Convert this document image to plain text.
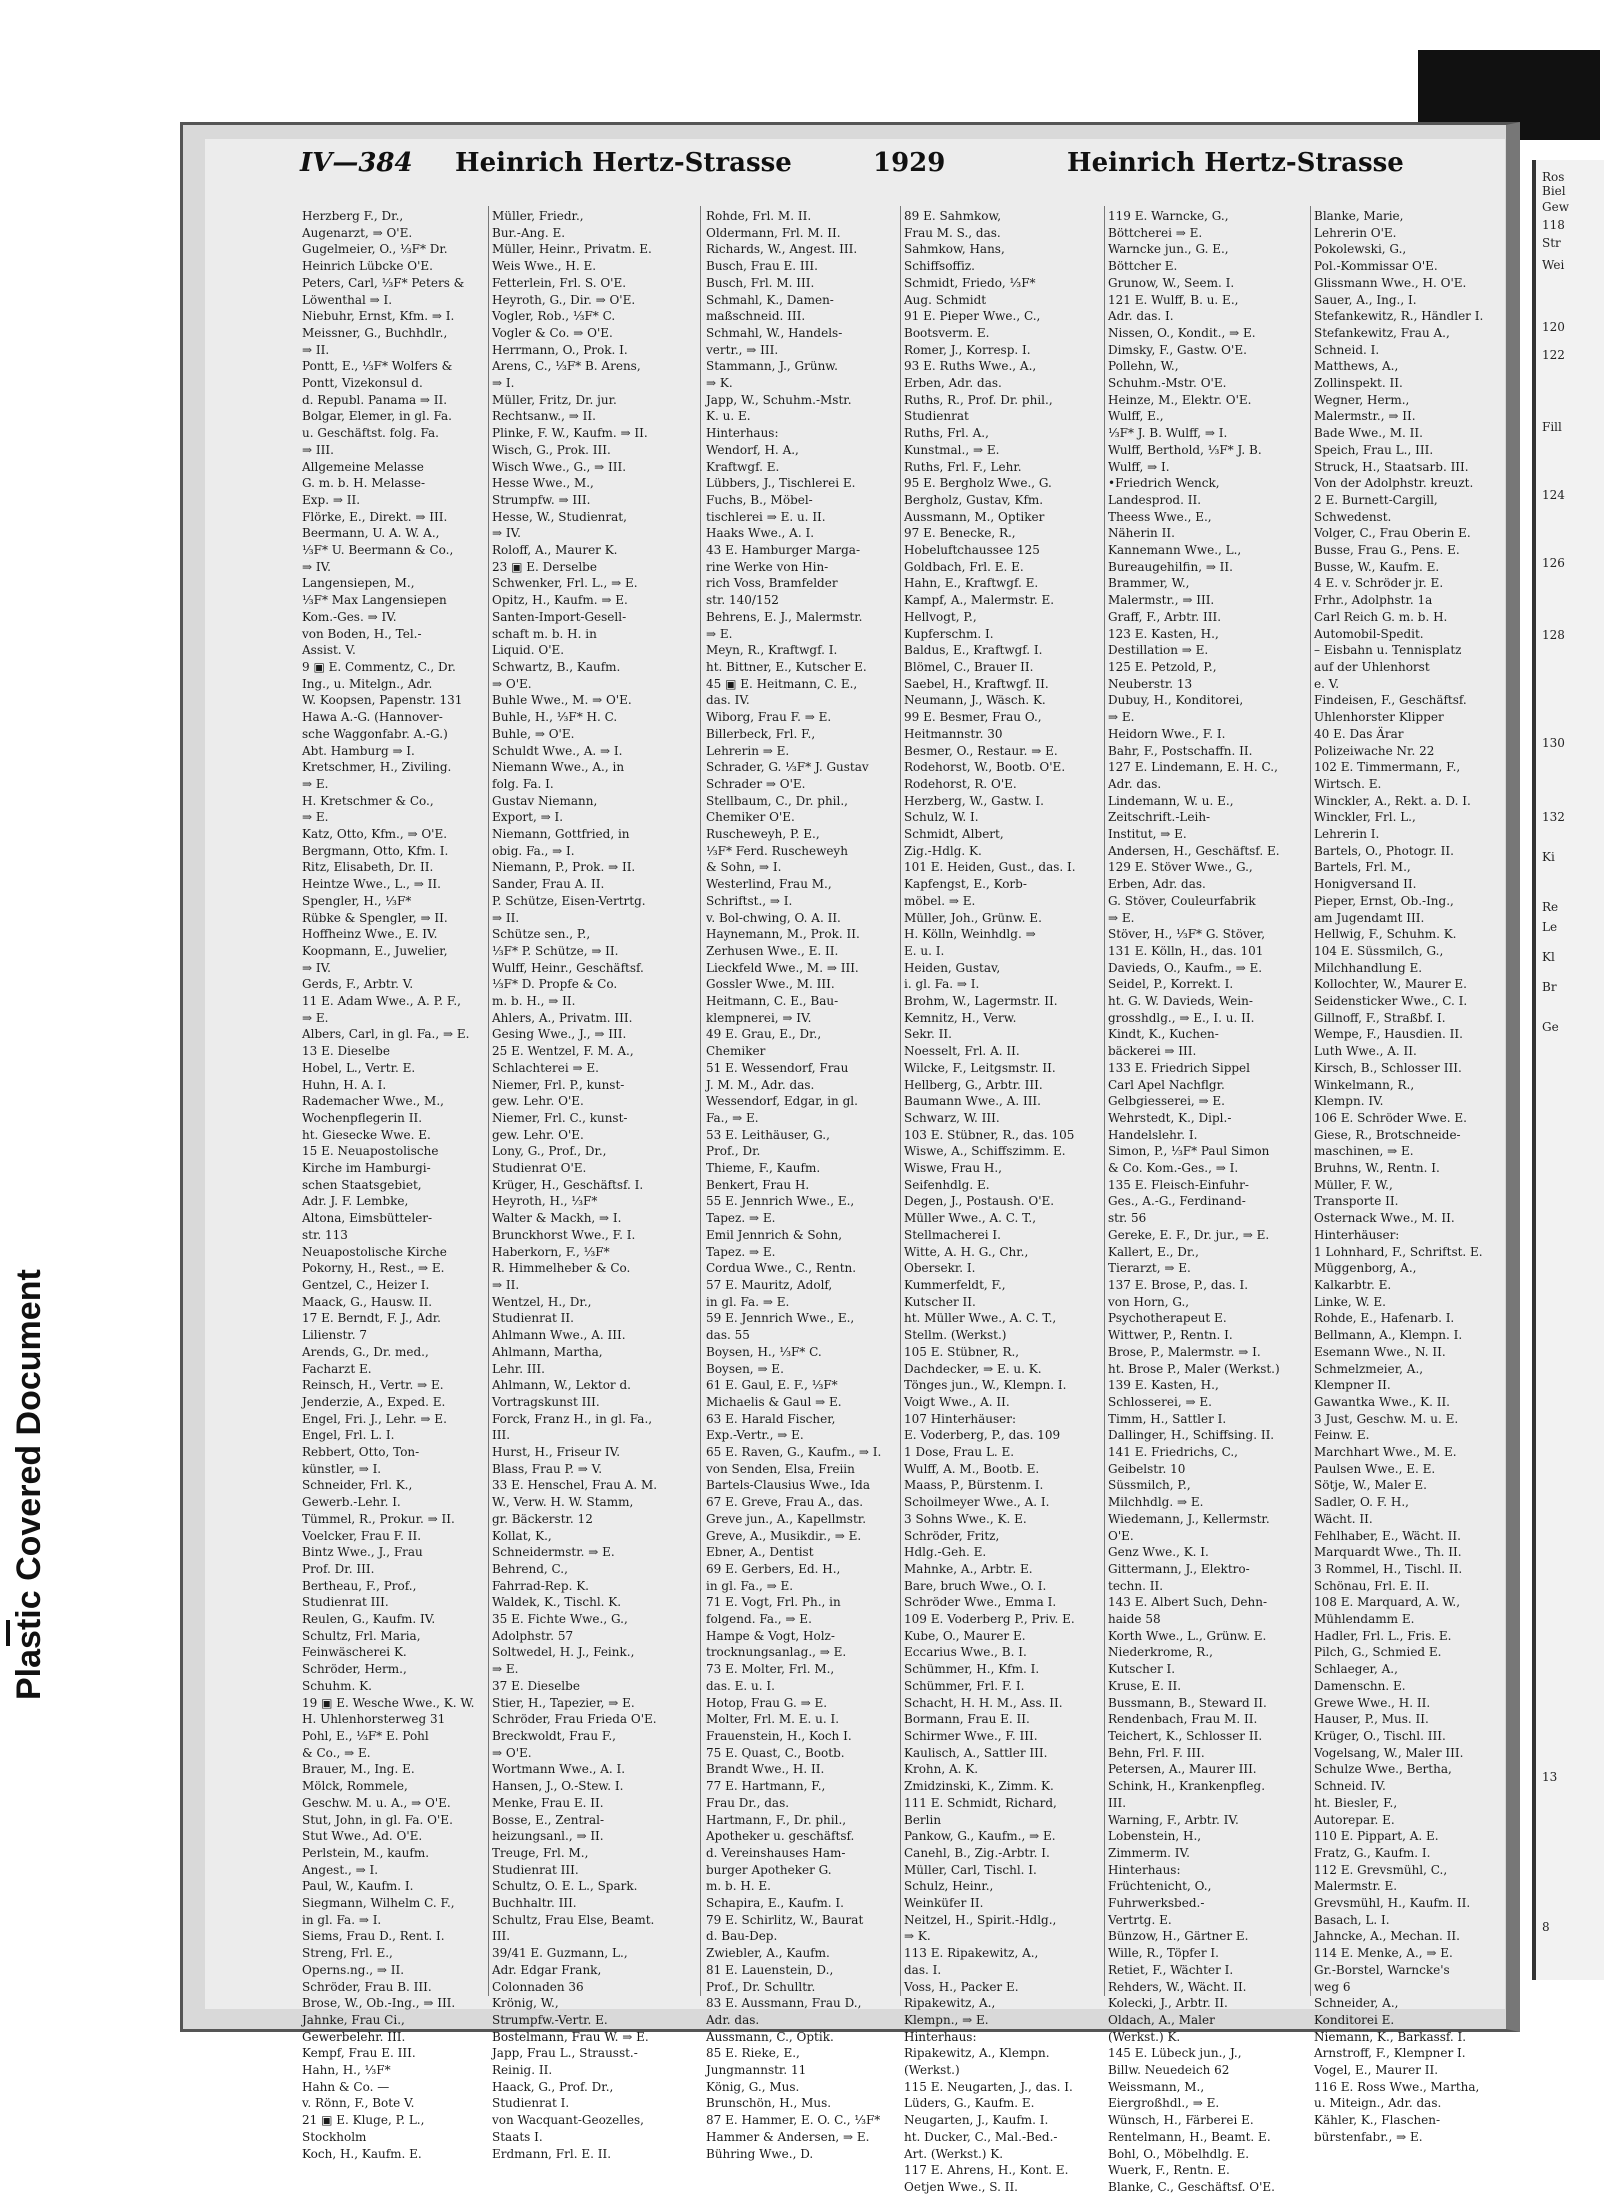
Plastic Covered Document
IV—384 Heinrich Hertz-Strasse	1929	Heinrich Hertz-Strasse
Herzberg F., Dr.,
Augenarzt, ⇒ O'E.
Gugelmeier, O., ⅓F* Dr.
Heinrich Lübcke O'E.
Peters, Carl, ⅓F* Peters &
Löwenthal ⇒ I.
Niebuhr, Ernst, Kfm. ⇒ I.
Meissner, G., Buchhdlr.,
⇒ II.
Pontt, E., ⅓F* Wolfers &
Pontt, Vizekonsul d.
d. Republ. Panama ⇒ II.
Bolgar, Elemer, in gl. Fa.
u. Geschäftst. folg. Fa.
⇒ III.
Allgemeine Melasse
G. m. b. H. Melasse-
Exp. ⇒ II.
Flörke, E., Direkt. ⇒ III.
Beermann, U. A. W. A.,
⅓F* U. Beermann & Co.,
⇒ IV.
Langensiepen, M.,
⅓F* Max Langensiepen
Kom.-Ges. ⇒ IV.
von Boden, H., Tel.-
Assist. V.
9 ▣ E. Commentz, C., Dr.
Ing., u. Mitelgn., Adr.
W. Koopsen, Papenstr. 131
Hawa A.-G. (Hannover-
sche Waggonfabr. A.-G.)
Abt. Hamburg ⇒ I.
Kretschmer, H., Ziviling.
⇒ E.
H. Kretschmer & Co.,
⇒ E.
Katz, Otto, Kfm., ⇒ O'E.
Bergmann, Otto, Kfm. I.
Ritz, Elisabeth, Dr. II.
Heintze Wwe., L., ⇒ II.
Spengler, H., ⅓F*
Rübke & Spengler, ⇒ II.
Hoffheinz Wwe., E. IV.
Koopmann, E., Juwelier,
⇒ IV.
Gerds, F., Arbtr. V.
11 E. Adam Wwe., A. P. F.,
⇒ E.
Albers, Carl, in gl. Fa., ⇒ E.
13 E. Dieselbe
Hobel, L., Vertr. E.
Huhn, H. A. I.
Rademacher Wwe., M.,
Wochenpflegerin II.
ht. Giesecke Wwe. E.
15 E. Neuapostolische
Kirche im Hamburgi-
schen Staatsgebiet,
Adr. J. F. Lembke,
Altona, Eimsbütteler-
str. 113
Neuapostolische Kirche
Pokorny, H., Rest., ⇒ E.
Gentzel, C., Heizer I.
Maack, G., Hausw. II.
17 E. Berndt, F. J., Adr.
Lilienstr. 7
Arends, G., Dr. med.,
Facharzt E.
Reinsch, H., Vertr. ⇒ E.
Jenderzie, A., Exped. E.
Engel, Fri. J., Lehr. ⇒ E.
Engel, Frl. L. I.
Rebbert, Otto, Ton-
künstler, ⇒ I.
Schneider, Frl. K.,
Gewerb.-Lehr. I.
Tümmel, R., Prokur. ⇒ II.
Voelcker, Frau F. II.
Bintz Wwe., J., Frau
Prof. Dr. III.
Bertheau, F., Prof.,
Studienrat III.
Reulen, G., Kaufm. IV.
Schultz, Frl. Maria,
Feinwäscherei K.
Schröder, Herm.,
Schuhm. K.
19 ▣ E. Wesche Wwe., K. W.
H. Uhlenhorsterweg 31
Pohl, E., ⅓F* E. Pohl
& Co., ⇒ E.
Brauer, M., Ing. E.
Mölck, Rommele,
Geschw. M. u. A., ⇒ O'E.
Stut, John, in gl. Fa. O'E.
Stut Wwe., Ad. O'E.
Perlstein, M., kaufm.
Angest., ⇒ I.
Paul, W., Kaufm. I.
Siegmann, Wilhelm C. F.,
in gl. Fa. ⇒ I.
Siems, Frau D., Rent. I.
Streng, Frl. E.,
Operns.ng., ⇒ II.
Schröder, Frau B. III.
Brose, W., Ob.-Ing., ⇒ III.
Jahnke, Frau Ci.,
Gewerbelehr. III.
Kempf, Frau E. III.
Hahn, H., ⅓F*
Hahn & Co. —
v. Rönn, F., Bote V.
21 ▣ E. Kluge, P. L.,
Stockholm
Koch, H., Kaufm. E.
Müller, Friedr.,
Bur.-Ang. E.
Müller, Heinr., Privatm. E.
Weis Wwe., H. E.
Fetterlein, Frl. S. O'E.
Heyroth, G., Dir. ⇒ O'E.
Vogler, Rob., ⅓F* C.
Vogler & Co. ⇒ O'E.
Herrmann, O., Prok. I.
Arens, C., ⅓F* B. Arens,
⇒ I.
Müller, Fritz, Dr. jur.
Rechtsanw., ⇒ II.
Plinke, F. W., Kaufm. ⇒ II.
Wisch, G., Prok. III.
Wisch Wwe., G., ⇒ III.
Hesse Wwe., M.,
Strumpfw. ⇒ III.
Hesse, W., Studienrat,
⇒ IV.
Roloff, A., Maurer K.
23 ▣ E. Derselbe
Schwenker, Frl. L., ⇒ E.
Opitz, H., Kaufm. ⇒ E.
Santen-Import-Gesell-
schaft m. b. H. in
Liquid. O'E.
Schwartz, B., Kaufm.
⇒ O'E.
Buhle Wwe., M. ⇒ O'E.
Buhle, H., ⅓F* H. C.
Buhle, ⇒ O'E.
Schuldt Wwe., A. ⇒ I.
Niemann Wwe., A., in
folg. Fa. I.
Gustav Niemann,
Export, ⇒ I.
Niemann, Gottfried, in
obig. Fa., ⇒ I.
Niemann, P., Prok. ⇒ II.
Sander, Frau A. II.
P. Schütze, Eisen-Vertrtg.
⇒ II.
Schütze sen., P.,
⅓F* P. Schütze, ⇒ II.
Wulff, Heinr., Geschäftsf.
⅓F* D. Propfe & Co.
m. b. H., ⇒ II.
Ahlers, A., Privatm. III.
Gesing Wwe., J., ⇒ III.
25 E. Wentzel, F. M. A.,
Schlachterei ⇒ E.
Niemer, Frl. P., kunst-
gew. Lehr. O'E.
Niemer, Frl. C., kunst-
gew. Lehr. O'E.
Lony, G., Prof., Dr.,
Studienrat O'E.
Krüger, H., Geschäftsf. I.
Heyroth, H., ⅓F*
Walter & Mackh, ⇒ I.
Brunckhorst Wwe., F. I.
Haberkorn, F., ⅓F*
R. Himmelheber & Co.
⇒ II.
Wentzel, H., Dr.,
Studienrat II.
Ahlmann Wwe., A. III.
Ahlmann, Martha,
Lehr. III.
Ahlmann, W., Lektor d.
Vortragskunst III.
Forck, Franz H., in gl. Fa.,
III.
Hurst, H., Friseur IV.
Blass, Frau P. ⇒ V.
33 E. Henschel, Frau A. M.
W., Verw. H. W. Stamm,
gr. Bäckerstr. 12
Kollat, K.,
Schneidermstr. ⇒ E.
Behrend, C.,
Fahrrad-Rep. K.
Waldek, K., Tischl. K.
35 E. Fichte Wwe., G.,
Adolphstr. 57
Soltwedel, H. J., Feink.,
⇒ E.
37 E. Dieselbe
Stier, H., Tapezier, ⇒ E.
Schröder, Frau Frieda O'E.
Breckwoldt, Frau F.,
⇒ O'E.
Wortmann Wwe., A. I.
Hansen, J., O.-Stew. I.
Menke, Frau E. II.
Bosse, E., Zentral-
heizungsanl., ⇒ II.
Treuge, Frl. M.,
Studienrat III.
Schultz, O. E. L., Spark.
Buchhaltr. III.
Schultz, Frau Else, Beamt.
III.
39/41 E. Guzmann, L.,
Adr. Edgar Frank,
Colonnaden 36
Krönig, W.,
Strumpfw.-Vertr. E.
Bostelmann, Frau W. ⇒ E.
Japp, Frau L., Strausst.-
Reinig. II.
Haack, G., Prof. Dr.,
Studienrat I.
von Wacquant-Geozelles,
Staats I.
Erdmann, Frl. E. II.
Rohde, Frl. M. II.
Oldermann, Frl. M. II.
Richards, W., Angest. III.
Busch, Frau E. III.
Busch, Frl. M. III.
Schmahl, K., Damen-
maßschneid. III.
Schmahl, W., Handels-
vertr., ⇒ III.
Stammann, J., Grünw.
⇒ K.
Japp, W., Schuhm.-Mstr.
K. u. E.
Hinterhaus:
Wendorf, H. A.,
Kraftwgf. E.
Lübbers, J., Tischlerei E.
Fuchs, B., Möbel-
tischlerei ⇒ E. u. II.
Haaks Wwe., A. I.
43 E. Hamburger Marga-
rine Werke von Hin-
rich Voss, Bramfelder
str. 140/152
Behrens, E. J., Malermstr.
⇒ E.
Meyn, R., Kraftwgf. I.
ht. Bittner, E., Kutscher E.
45 ▣ E. Heitmann, C. E.,
das. IV.
Wiborg, Frau F. ⇒ E.
Billerbeck, Frl. F.,
Lehrerin ⇒ E.
Schrader, G. ⅓F* J. Gustav
Schrader ⇒ O'E.
Stellbaum, C., Dr. phil.,
Chemiker O'E.
Ruscheweyh, P. E.,
⅓F* Ferd. Ruscheweyh
& Sohn, ⇒ I.
Westerlind, Frau M.,
Schriftst., ⇒ I.
v. Bol-chwing, O. A. II.
Haynemann, M., Prok. II.
Zerhusen Wwe., E. II.
Lieckfeld Wwe., M. ⇒ III.
Gossler Wwe., M. III.
Heitmann, C. E., Bau-
klempnerei, ⇒ IV.
49 E. Grau, E., Dr.,
Chemiker
51 E. Wessendorf, Frau
J. M. M., Adr. das.
Wessendorf, Edgar, in gl.
Fa., ⇒ E.
53 E. Leithäuser, G.,
Prof., Dr.
Thieme, F., Kaufm.
Benkert, Frau H.
55 E. Jennrich Wwe., E.,
Tapez. ⇒ E.
Emil Jennrich & Sohn,
Tapez. ⇒ E.
Cordua Wwe., C., Rentn.
57 E. Mauritz, Adolf,
in gl. Fa. ⇒ E.
59 E. Jennrich Wwe., E.,
das. 55
Boysen, H., ⅓F* C.
Boysen, ⇒ E.
61 E. Gaul, E. F., ⅓F*
Michaelis & Gaul ⇒ E.
63 E. Harald Fischer,
Exp.-Vertr., ⇒ E.
65 E. Raven, G., Kaufm., ⇒ I.
von Senden, Elsa, Freiin
Bartels-Clausius Wwe., Ida
67 E. Greve, Frau A., das.
Greve jun., A., Kapellmstr.
Greve, A., Musikdir., ⇒ E.
Ebner, A., Dentist
69 E. Gerbers, Ed. H.,
in gl. Fa., ⇒ E.
71 E. Vogt, Frl. Ph., in
folgend. Fa., ⇒ E.
Hampe & Vogt, Holz-
trocknungsanlag., ⇒ E.
73 E. Molter, Frl. M.,
das. E. u. I.
Hotop, Frau G. ⇒ E.
Molter, Frl. M. E. u. I.
Frauenstein, H., Koch I.
75 E. Quast, C., Bootb.
Brandt Wwe., H. II.
77 E. Hartmann, F.,
Frau Dr., das.
Hartmann, F., Dr. phil.,
Apotheker u. geschäftsf.
d. Vereinshauses Ham-
burger Apotheker G.
m. b. H. E.
Schapira, E., Kaufm. I.
79 E. Schirlitz, W., Baurat
d. Bau-Dep.
Zwiebler, A., Kaufm.
81 E. Lauenstein, D.,
Prof., Dr. Schulltr.
83 E. Aussmann, Frau D.,
Adr. das.
Aussmann, C., Optik.
85 E. Rieke, E.,
Jungmannstr. 11
König, G., Mus.
Brunschön, H., Mus.
87 E. Hammer, E. O. C., ⅓F*
Hammer & Andersen, ⇒ E.
Bühring Wwe., D.
89 E. Sahmkow,
Frau M. S., das.
Sahmkow, Hans,
Schiffsoffiz.
Schmidt, Friedo, ⅓F*
Aug. Schmidt
91 E. Pieper Wwe., C.,
Bootsverm. E.
Romer, J., Korresp. I.
93 E. Ruths Wwe., A.,
Erben, Adr. das.
Ruths, R., Prof. Dr. phil.,
Studienrat
Ruths, Frl. A.,
Kunstmal., ⇒ E.
Ruths, Frl. F., Lehr.
95 E. Bergholz Wwe., G.
Bergholz, Gustav, Kfm.
Aussmann, M., Optiker
97 E. Benecke, R.,
Hobeluftchaussee 125
Goldbach, Frl. E. E.
Hahn, E., Kraftwgf. E.
Kampf, A., Malermstr. E.
Hellvogt, P.,
Kupferschm. I.
Baldus, E., Kraftwgf. I.
Blömel, C., Brauer II.
Saebel, H., Kraftwgf. II.
Neumann, J., Wäsch. K.
99 E. Besmer, Frau O.,
Heitmannstr. 30
Besmer, O., Restaur. ⇒ E.
Rodehorst, W., Bootb. O'E.
Rodehorst, R. O'E.
Herzberg, W., Gastw. I.
Schulz, W. I.
Schmidt, Albert,
Zig.-Hdlg. K.
101 E. Heiden, Gust., das. I.
Kapfengst, E., Korb-
möbel. ⇒ E.
Müller, Joh., Grünw. E.
H. Kölln, Weinhdlg. ⇒
E. u. I.
Heiden, Gustav,
i. gl. Fa. ⇒ I.
Brohm, W., Lagermstr. II.
Kemnitz, H., Verw.
Sekr. II.
Noesselt, Frl. A. II.
Wilcke, F., Leitgsmstr. II.
Hellberg, G., Arbtr. III.
Baumann Wwe., A. III.
Schwarz, W. III.
103 E. Stübner, R., das. 105
Wiswe, A., Schiffszimm. E.
Wiswe, Frau H.,
Seifenhdlg. E.
Degen, J., Postaush. O'E.
Müller Wwe., A. C. T.,
Stellmacherei I.
Witte, A. H. G., Chr.,
Obersekr. I.
Kummerfeldt, F.,
Kutscher II.
ht. Müller Wwe., A. C. T.,
Stellm. (Werkst.)
105 E. Stübner, R.,
Dachdecker, ⇒ E. u. K.
Tönges jun., W., Klempn. I.
Voigt Wwe., A. II.
107 Hinterhäuser:
E. Voderberg, P., das. 109
1 Dose, Frau L. E.
Wulff, A. M., Bootb. E.
Maass, P., Bürstenm. I.
Schoilmeyer Wwe., A. I.
3 Sohns Wwe., K. E.
Schröder, Fritz,
Hdlg.-Geh. E.
Mahnke, A., Arbtr. E.
Bare, bruch Wwe., O. I.
Schröder Wwe., Emma I.
109 E. Voderberg P., Priv. E.
Kube, O., Maurer E.
Eccarius Wwe., B. I.
Schümmer, H., Kfm. I.
Schümmer, Frl. F. I.
Schacht, H. H. M., Ass. II.
Bormann, Frau E. II.
Schirmer Wwe., F. III.
Kaulisch, A., Sattler III.
Krohn, A. K.
Zmidzinski, K., Zimm. K.
111 E. Schmidt, Richard,
Berlin
Pankow, G., Kaufm., ⇒ E.
Canehl, B., Zig.-Arbtr. I.
Müller, Carl, Tischl. I.
Schulz, Heinr.,
Weinküfer II.
Neitzel, H., Spirit.-Hdlg.,
⇒ K.
113 E. Ripakewitz, A.,
das. I.
Voss, H., Packer E.
Ripakewitz, A.,
Klempn., ⇒ E.
Hinterhaus:
Ripakewitz, A., Klempn.
(Werkst.)
115 E. Neugarten, J., das. I.
Lüders, G., Kaufm. E.
Neugarten, J., Kaufm. I.
ht. Ducker, C., Mal.-Bed.-
Art. (Werkst.) K.
117 E. Ahrens, H., Kont. E.
Oetjen Wwe., S. II.
119 E. Warncke, G.,
Böttcherei ⇒ E.
Warncke jun., G. E.,
Böttcher E.
Grunow, W., Seem. I.
121 E. Wulff, B. u. E.,
Adr. das. I.
Nissen, O., Kondit., ⇒ E.
Dimsky, F., Gastw. O'E.
Pollehn, W.,
Schuhm.-Mstr. O'E.
Heinze, M., Elektr. O'E.
Wulff, E.,
⅓F* J. B. Wulff, ⇒ I.
Wulff, Berthold, ⅓F* J. B.
Wulff, ⇒ I.
•Friedrich Wenck,
Landesprod. II.
Theess Wwe., E.,
Näherin II.
Kannemann Wwe., L.,
Bureaugehilfin, ⇒ II.
Brammer, W.,
Malermstr., ⇒ III.
Graff, F., Arbtr. III.
123 E. Kasten, H.,
Destillation ⇒ E.
125 E. Petzold, P.,
Neuberstr. 13
Dubuy, H., Konditorei,
⇒ E.
Heidorn Wwe., F. I.
Bahr, F., Postschaffn. II.
127 E. Lindemann, E. H. C.,
Adr. das.
Lindemann, W. u. E.,
Zeitschrift.-Leih-
Institut, ⇒ E.
Andersen, H., Geschäftsf. E.
129 E. Stöver Wwe., G.,
Erben, Adr. das.
G. Stöver, Couleurfabrik
⇒ E.
Stöver, H., ⅓F* G. Stöver,
131 E. Kölln, H., das. 101
Davieds, O., Kaufm., ⇒ E.
Seidel, P., Korrekt. I.
ht. G. W. Davieds, Wein-
grosshdlg., ⇒ E., I. u. II.
Kindt, K., Kuchen-
bäckerei ⇒ III.
133 E. Friedrich Sippel
Carl Apel Nachflgr.
Gelbgiesserei, ⇒ E.
Wehrstedt, K., Dipl.-
Handelslehr. I.
Simon, P., ⅓F* Paul Simon
& Co. Kom.-Ges., ⇒ I.
135 E. Fleisch-Einfuhr-
Ges., A.-G., Ferdinand-
str. 56
Gereke, E. F., Dr. jur., ⇒ E.
Kallert, E., Dr.,
Tierarzt, ⇒ E.
137 E. Brose, P., das. I.
von Horn, G.,
Psychotherapeut E.
Wittwer, P., Rentn. I.
Brose, P., Malermstr. ⇒ I.
ht. Brose P., Maler (Werkst.)
139 E. Kasten, H.,
Schlosserei, ⇒ E.
Timm, H., Sattler I.
Dallinger, H., Schiffsing. II.
141 E. Friedrichs, C.,
Geibelstr. 10
Süssmilch, P.,
Milchhdlg. ⇒ E.
Wiedemann, J., Kellermstr.
O'E.
Genz Wwe., K. I.
Gittermann, J., Elektro-
techn. II.
143 E. Albert Such, Dehn-
haide 58
Korth Wwe., L., Grünw. E.
Niederkrome, R.,
Kutscher I.
Kruse, E. II.
Bussmann, B., Steward II.
Rendenbach, Frau M. II.
Teichert, K., Schlosser II.
Behn, Frl. F. III.
Petersen, A., Maurer III.
Schink, H., Krankenpfleg.
III.
Warning, F., Arbtr. IV.
Lobenstein, H.,
Zimmerm. IV.
Hinterhaus:
Früchtenicht, O.,
Fuhrwerksbed.-
Vertrtg. E.
Bünzow, H., Gärtner E.
Wille, R., Töpfer I.
Retiet, F., Wächter I.
Rehders, W., Wächt. II.
Kolecki, J., Arbtr. II.
Oldach, A., Maler
(Werkst.) K.
145 E. Lübeck jun., J.,
Billw. Neuedeich 62
Weissmann, M.,
Eiergroßhdl., ⇒ E.
Wünsch, H., Färberei E.
Rentelmann, H., Beamt. E.
Bohl, O., Möbelhdlg. E.
Wuerk, F., Rentn. E.
Blanke, C., Geschäftsf. O'E.
Blanke, Marie,
Lehrerin O'E.
Pokolewski, G.,
Pol.-Kommissar O'E.
Glissmann Wwe., H. O'E.
Sauer, A., Ing., I.
Stefankewitz, R., Händler I.
Stefankewitz, Frau A.,
Schneid. I.
Matthews, A.,
Zollinspekt. II.
Wegner, Herm.,
Malermstr., ⇒ II.
Bade Wwe., M. II.
Speich, Frau L., III.
Struck, H., Staatsarb. III.
Von der Adolphstr. kreuzt.
2 E. Burnett-Cargill,
Schwedenst.
Volger, C., Frau Oberin E.
Busse, Frau G., Pens. E.
Busse, W., Kaufm. E.
4 E. v. Schröder jr. E.
Frhr., Adolphstr. 1a
Carl Reich G. m. b. H.
Automobil-Spedit.
– Eisbahn u. Tennisplatz
auf der Uhlenhorst
e. V.
Findeisen, F., Geschäftsf.
Uhlenhorster Klipper
40 E. Das Ärar
Polizeiwache Nr. 22
102 E. Timmermann, F.,
Wirtsch. E.
Winckler, A., Rekt. a. D. I.
Winckler, Frl. L.,
Lehrerin I.
Bartels, O., Photogr. II.
Bartels, Frl. M.,
Honigversand II.
Pieper, Ernst, Ob.-Ing.,
am Jugendamt III.
Hellwig, F., Schuhm. K.
104 E. Süssmilch, G.,
Milchhandlung E.
Kollochter, W., Maurer E.
Seidensticker Wwe., C. I.
Gillnoff, F., Straßbf. I.
Wempe, F., Hausdien. II.
Luth Wwe., A. II.
Kirsch, B., Schlosser III.
Winkelmann, R.,
Klempn. IV.
106 E. Schröder Wwe. E.
Giese, R., Brotschneide-
maschinen, ⇒ E.
Bruhns, W., Rentn. I.
Müller, F. W.,
Transporte II.
Osternack Wwe., M. II.
Hinterhäuser:
1 Lohnhard, F., Schriftst. E.
Müggenborg, A.,
Kalkarbtr. E.
Linke, W. E.
Rohde, E., Hafenarb. I.
Bellmann, A., Klempn. I.
Esemann Wwe., N. II.
Schmelzmeier, A.,
Klempner II.
Gawantka Wwe., K. II.
3 Just, Geschw. M. u. E.
Feinw. E.
Marchhart Wwe., M. E.
Paulsen Wwe., E. E.
Sötje, W., Maler E.
Sadler, O. F. H.,
Wächt. II.
Fehlhaber, E., Wächt. II.
Marquardt Wwe., Th. II.
3 Rommel, H., Tischl. II.
Schönau, Frl. E. II.
108 E. Marquard, A. W.,
Mühlendamm E.
Hadler, Frl. L., Fris. E.
Pilch, G., Schmied E.
Schlaeger, A.,
Damenschn. E.
Grewe Wwe., H. II.
Hauser, P., Mus. II.
Krüger, O., Tischl. III.
Vogelsang, W., Maler III.
Schulze Wwe., Bertha,
Schneid. IV.
ht. Biesler, F.,
Autorepar. E.
110 E. Pippart, A. E.
Fratz, G., Kaufm. I.
112 E. Grevsmühl, C.,
Malermstr. E.
Grevsmühl, H., Kaufm. II.
Basach, L. I.
Jahncke, A., Mechan. II.
114 E. Menke, A., ⇒ E.
Gr.-Borstel, Warncke's
weg 6
Schneider, A.,
Konditorei E.
Niemann, K., Barkassf. I.
Arnstroff, F., Klempner I.
Vogel, E., Maurer II.
116 E. Ross Wwe., Martha,
u. Miteign., Adr. das.
Kähler, K., Flaschen-
bürstenfabr., ⇒ E.
Ros
Biel
Gew
118
Str
Wei
120
122
Fill
124
126
128
130
132
Ki
Re
Le
Kl
Br
Ge
13
8
